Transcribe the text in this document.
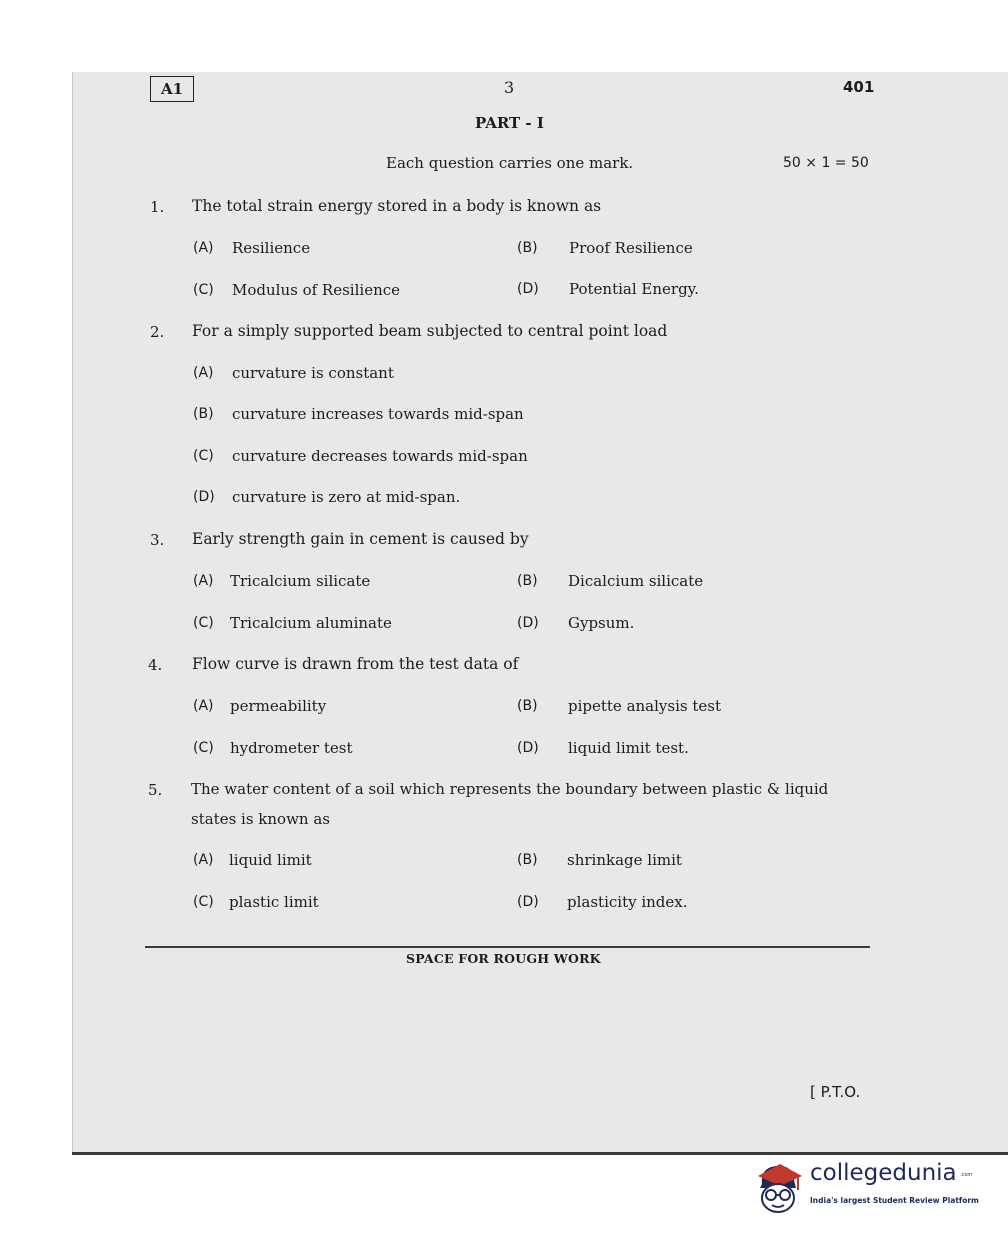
A1	3	401
PART - I
Each question carries one mark.	50 × 1 = 50
1. The total strain energy stored in a body is known as
(A) Resilience	(B) Proof Resilience
(C) Modulus of Resilience	(D) Potential Energy.
2. For a simply supported beam subjected to central point load
(A) curvature is constant
(B) curvature increases towards mid-span
(C) curvature decreases towards mid-span
(D) curvature is zero at mid-span.
3. Early strength gain in cement is caused by
(A) Tricalcium silicate	(B) Dicalcium silicate
(C) Tricalcium aluminate	(D) Gypsum.
4. Flow curve is drawn from the test data of
(A) permeability	(B) pipette analysis test
(C) hydrometer test	(D) liquid limit test.
5. The water content of a soil which represents the boundary between plastic & liquid
states is known as
(A) liquid limit	(B) shrinkage limit
(C) plastic limit	(D) plasticity index.
SPACE FOR ROUGH WORK
[ P.T.O.
collegedunia .com
India's largest Student Review Platform
